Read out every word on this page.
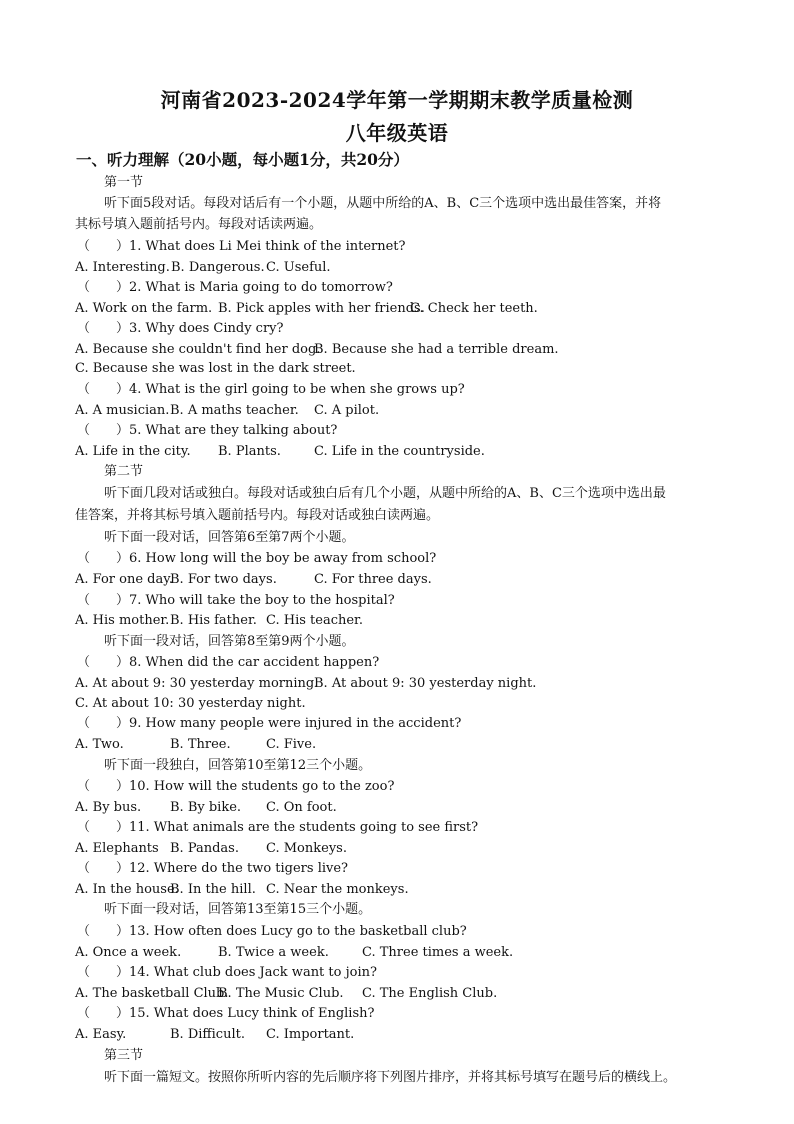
河南省2023-2024学年第一学期期末教学质量检测
八年级英语
一、听力理解（20小题，每小题1分，共20分）
第一节
听下面5段对话。每段对话后有一个小题，从题中所给的A、B、C三个选项中选出最佳答案，并将
其标号填入题前括号内。每段对话读两遍。
（　　）1. What does Li Mei think of the internet?
A. Interesting. B. Dangerous. C. Useful.
（　　）2. What is Maria going to do tomorrow?
A. Work on the farm. B. Pick apples with her friends.
C. Check her teeth.
（　　）3. Why does Cindy cry?
A. Because she couldn't find her dog.
B. Because she had a terrible dream.
C. Because she was lost in the dark street.
（　　）4. What is the girl going to be when she grows up?
A. A musician. B. A maths teacher. C. A pilot.
（　　）5. What are they talking about?
A. Life in the city. B. Plants.	C. Life in the countryside.
第二节
听下面几段对话或独白。每段对话或独白后有几个小题，从题中所给的A、B、C三个选项中选出最
佳答案，并将其标号填入题前括号内。每段对话或独白读两遍。
听下面一段对话，回答第6至第7两个小题。
（　　）6. How long will the boy be away from school?
A. For one day.
B. For two days.	C. For three days.
（　　）7. Who will take the boy to the hospital?
A. His mother. B. His father. C. His teacher.
听下面一段对话，回答第8至第9两个小题。
（　　）8. When did the car accident happen?
A. At about 9: 30 yesterday morning.
B. At about 9: 30 yesterday night.
C. At about 10: 30 yesterday night.
（　　）9. How many people were injured in the accident?
A. Two.	B. Three.	C. Five.
听下面一段独白，回答第10至第12三个小题。
（　　）10. How will the students go to the zoo?
A. By bus. B. By bike. C. On foot.
（　　）11. What animals are the students going to see first?
A. Elephants B. Pandas. C. Monkeys.
（　　）12. Where do the two tigers live?
A. In the house.
B. In the hill. C. Near the monkeys.
听下面一段对话，回答第13至第15三个小题。
（　　）13. How often does Lucy go to the basketball club?
A. Once a week.	B. Twice a week.	C. Three times a week.
（　　）14. What club does Jack want to join?
A. The basketball Club.
B. The Music Club. C. The English Club.
（　　）15. What does Lucy think of English?
A. Easy.	B. Difficult. C. Important.
第三节
听下面一篇短文。按照你所听内容的先后顺序将下列图片排序，并将其标号填写在题号后的横线上。
